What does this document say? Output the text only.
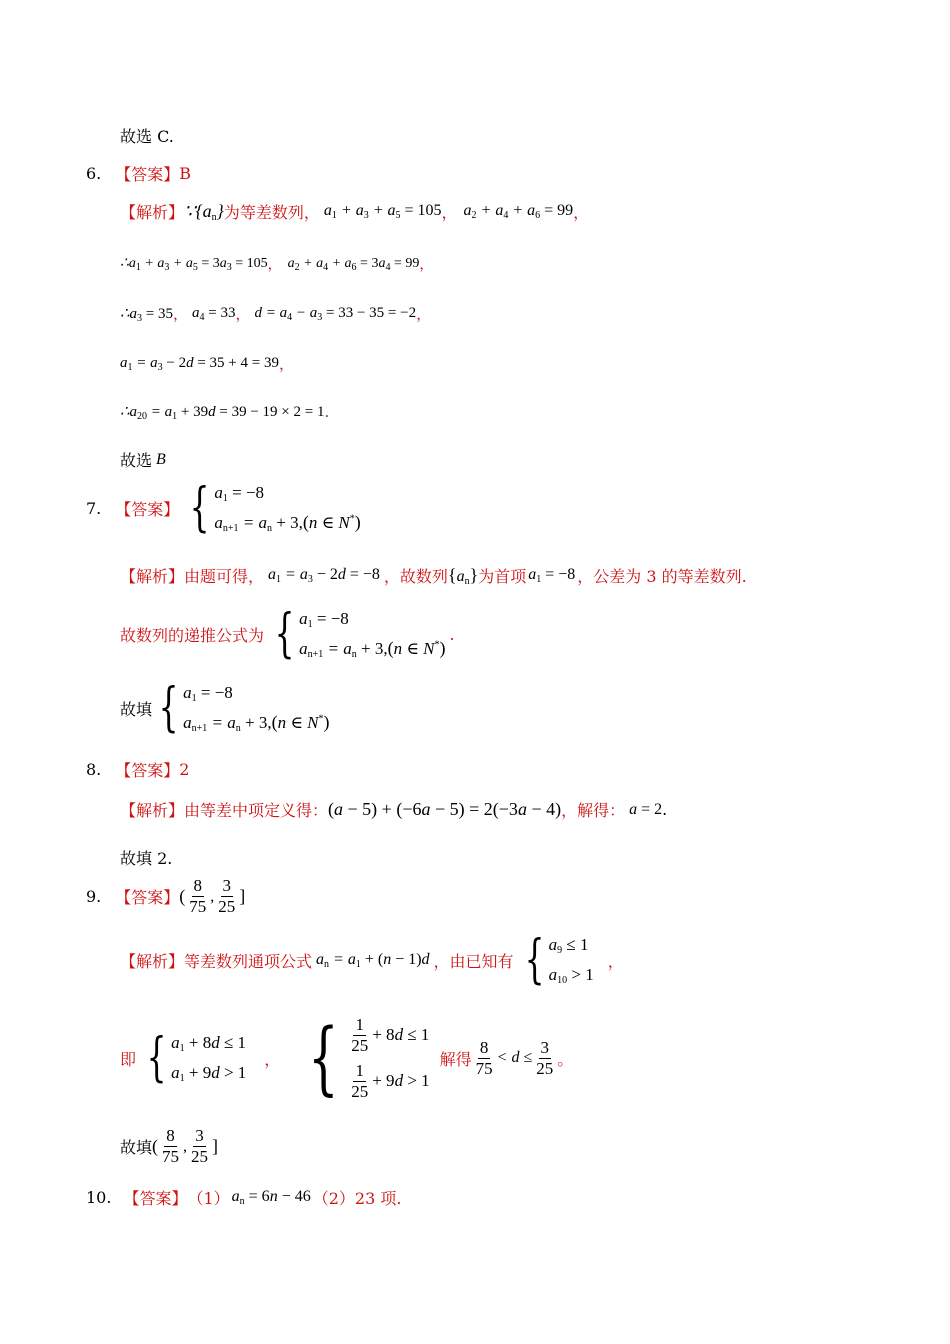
故选 C.
6. 【答案】 B
【解析】 $\because\{a_n\}$ 为等差数列， $a_1 + a_3 + a_5 = 105$ ， $a_2 + a_4 + a_6 = 99$ ，
$\therefore a_1 + a_3 + a_5 = 3a_3 = 105$ ， $a_2 + a_4 + a_6 = 3a_4 = 99$ ，
$\therefore a_3 = 35$ ， $a_4 = 33$ ， $d = a_4 - a_3 = 33 - 35 = -2$ ，
$a_1 = a_3 - 2d = 35 + 4 = 39$ ，
$\therefore a_{20} = a_1 + 39d = 39 - 19 \times 2 = 1$ .
故选 B
7. 【答案】 { $a_1 = -8$
$a_{n+1} = a_n + 3,(n$ ∈ N*)
【解析】 由题可得， $a_1 = a_3 - 2d = -8$ ，故数列 $\{a_n\}$ 为首项 $a_1 = -8$ ，公差为 3 的等差数列.
故数列的递推公式为 { $a_1 = -8$
$a_{n+1} = a_n + 3,(n$ ∈ N*)
.
故填 { $a_1 = -8$
$a_{n+1} = a_n + 3,(n$ ∈ N*)
8. 【答案】 2
【解析】 由等差中项定义得： (a − 5) + (−6a − 5) = 2(−3a − 4) ，解得： a = 2 .
故填 2.
9. 【答案】 ( $\frac{8}{75}$ , $\frac{3}{25}$ ]
【解析】 等差数列通项公式 $a_n = a_1 + (n - 1)d$ ，由已知有 { $a_9 \le 1$
$a_{10} > 1$
，
即 { $a_1 + 8d \le 1$
$a_1 + 9d > 1$
， { $\frac{1}{25} + 8d \le 1$
$\frac{1}{25} + 9d > 1$
解得 $\frac{8}{75} < d \le \frac{3}{25}$ 。
故填 ( $\frac{8}{75}$ , $\frac{3}{25}$ ]
10. 【答案】 （1） $a_n = 6n - 46$ （2）23 项.
